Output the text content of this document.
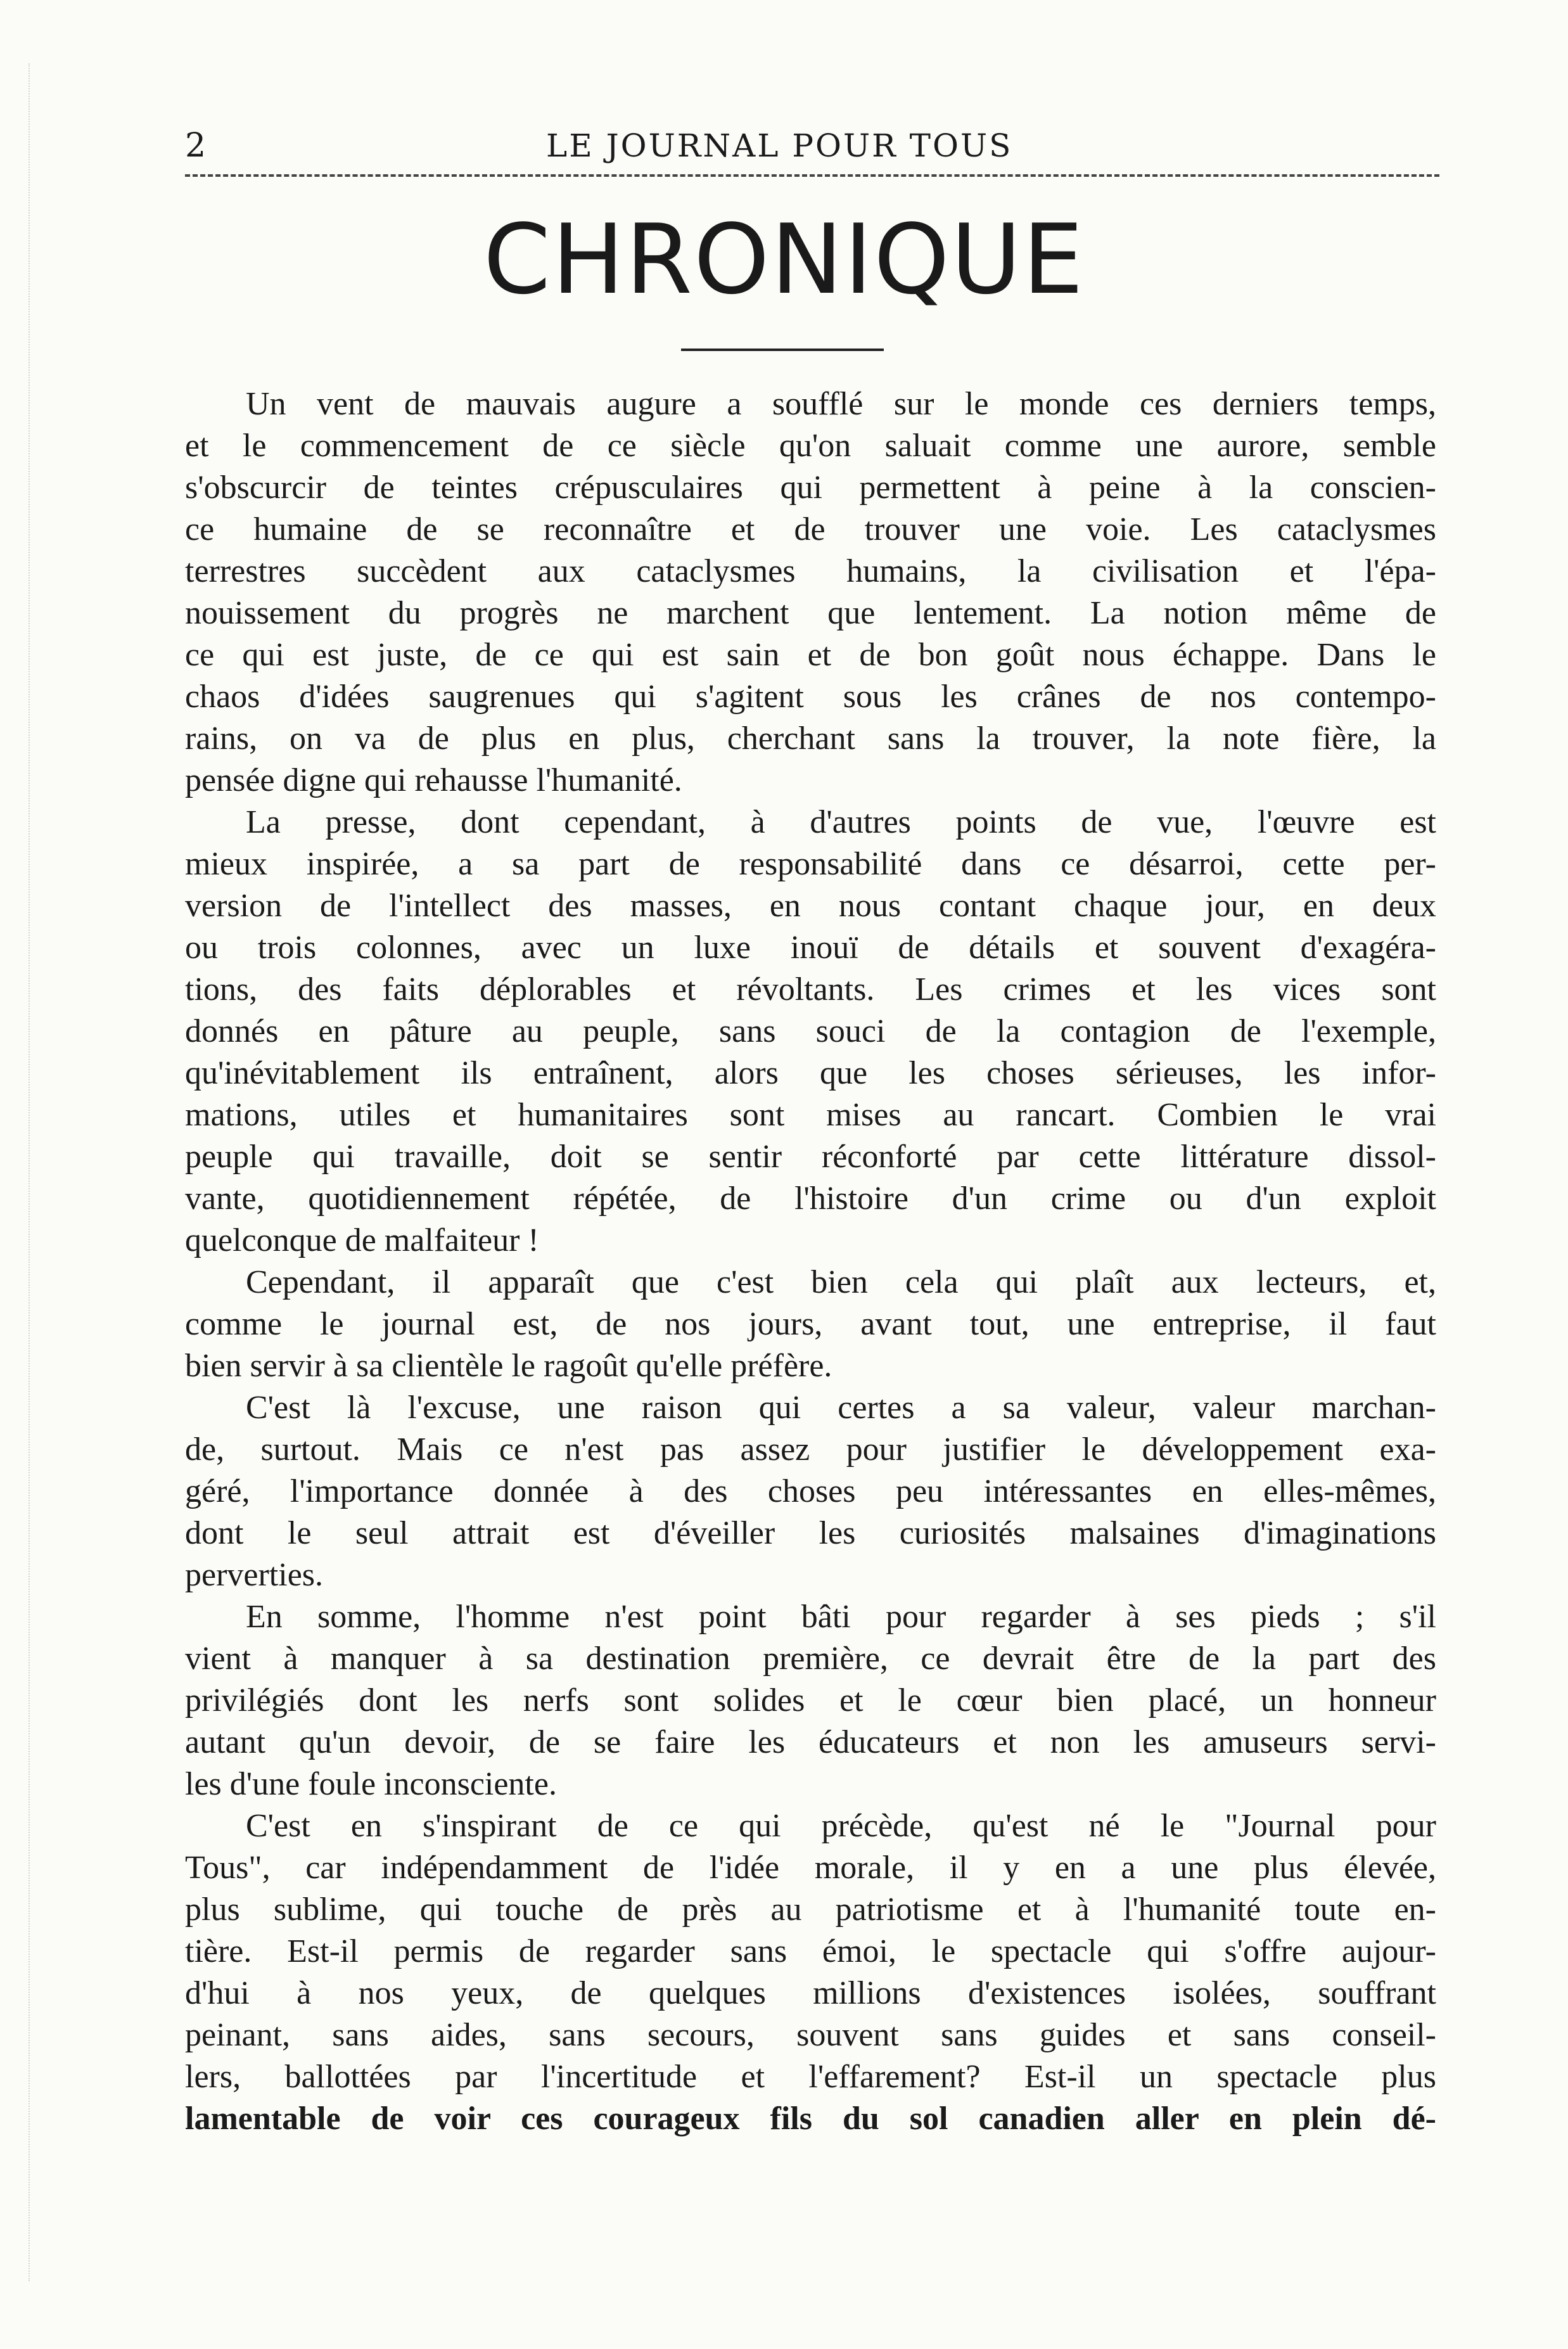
2	LE JOURNAL POUR TOUS
CHRONIQUE
Un vent de mauvais augure a soufflé sur le monde ces derniers temps,
et le commencement de ce siècle qu'on saluait comme une aurore, semble
s'obscurcir de teintes crépusculaires qui permettent à peine à la conscien-
ce humaine de se reconnaître et de trouver une voie. Les cataclysmes
terrestres succèdent aux cataclysmes humains, la civilisation et l'épa-
nouissement du progrès ne marchent que lentement. La notion même de
ce qui est juste, de ce qui est sain et de bon goût nous échappe. Dans le
chaos d'idées saugrenues qui s'agitent sous les crânes de nos contempo-
rains, on va de plus en plus, cherchant sans la trouver, la note fière, la
pensée digne qui rehausse l'humanité.
La presse, dont cependant, à d'autres points de vue, l'œuvre est
mieux inspirée, a sa part de responsabilité dans ce désarroi, cette per-
version de l'intellect des masses, en nous contant chaque jour, en deux
ou trois colonnes, avec un luxe inouï de détails et souvent d'exagéra-
tions, des faits déplorables et révoltants. Les crimes et les vices sont
donnés en pâture au peuple, sans souci de la contagion de l'exemple,
qu'inévitablement ils entraînent, alors que les choses sérieuses, les infor-
mations, utiles et humanitaires sont mises au rancart. Combien le vrai
peuple qui travaille, doit se sentir réconforté par cette littérature dissol-
vante, quotidiennement répétée, de l'histoire d'un crime ou d'un exploit
quelconque de malfaiteur !
Cependant, il apparaît que c'est bien cela qui plaît aux lecteurs, et,
comme le journal est, de nos jours, avant tout, une entreprise, il faut
bien servir à sa clientèle le ragoût qu'elle préfère.
C'est là l'excuse, une raison qui certes a sa valeur, valeur marchan-
de, surtout. Mais ce n'est pas assez pour justifier le développement exa-
géré, l'importance donnée à des choses peu intéressantes en elles-mêmes,
dont le seul attrait est d'éveiller les curiosités malsaines d'imaginations
perverties.
En somme, l'homme n'est point bâti pour regarder à ses pieds ; s'il
vient à manquer à sa destination première, ce devrait être de la part des
privilégiés dont les nerfs sont solides et le cœur bien placé, un honneur
autant qu'un devoir, de se faire les éducateurs et non les amuseurs servi-
les d'une foule inconsciente.
C'est en s'inspirant de ce qui précède, qu'est né le "Journal pour
Tous", car indépendamment de l'idée morale, il y en a une plus élevée,
plus sublime, qui touche de près au patriotisme et à l'humanité toute en-
tière. Est-il permis de regarder sans émoi, le spectacle qui s'offre aujour-
d'hui à nos yeux, de quelques millions d'existences isolées, souffrant
peinant, sans aides, sans secours, souvent sans guides et sans conseil-
lers, ballottées par l'incertitude et l'effarement? Est-il un spectacle plus
lamentable de voir ces courageux fils du sol canadien aller en plein dé-
